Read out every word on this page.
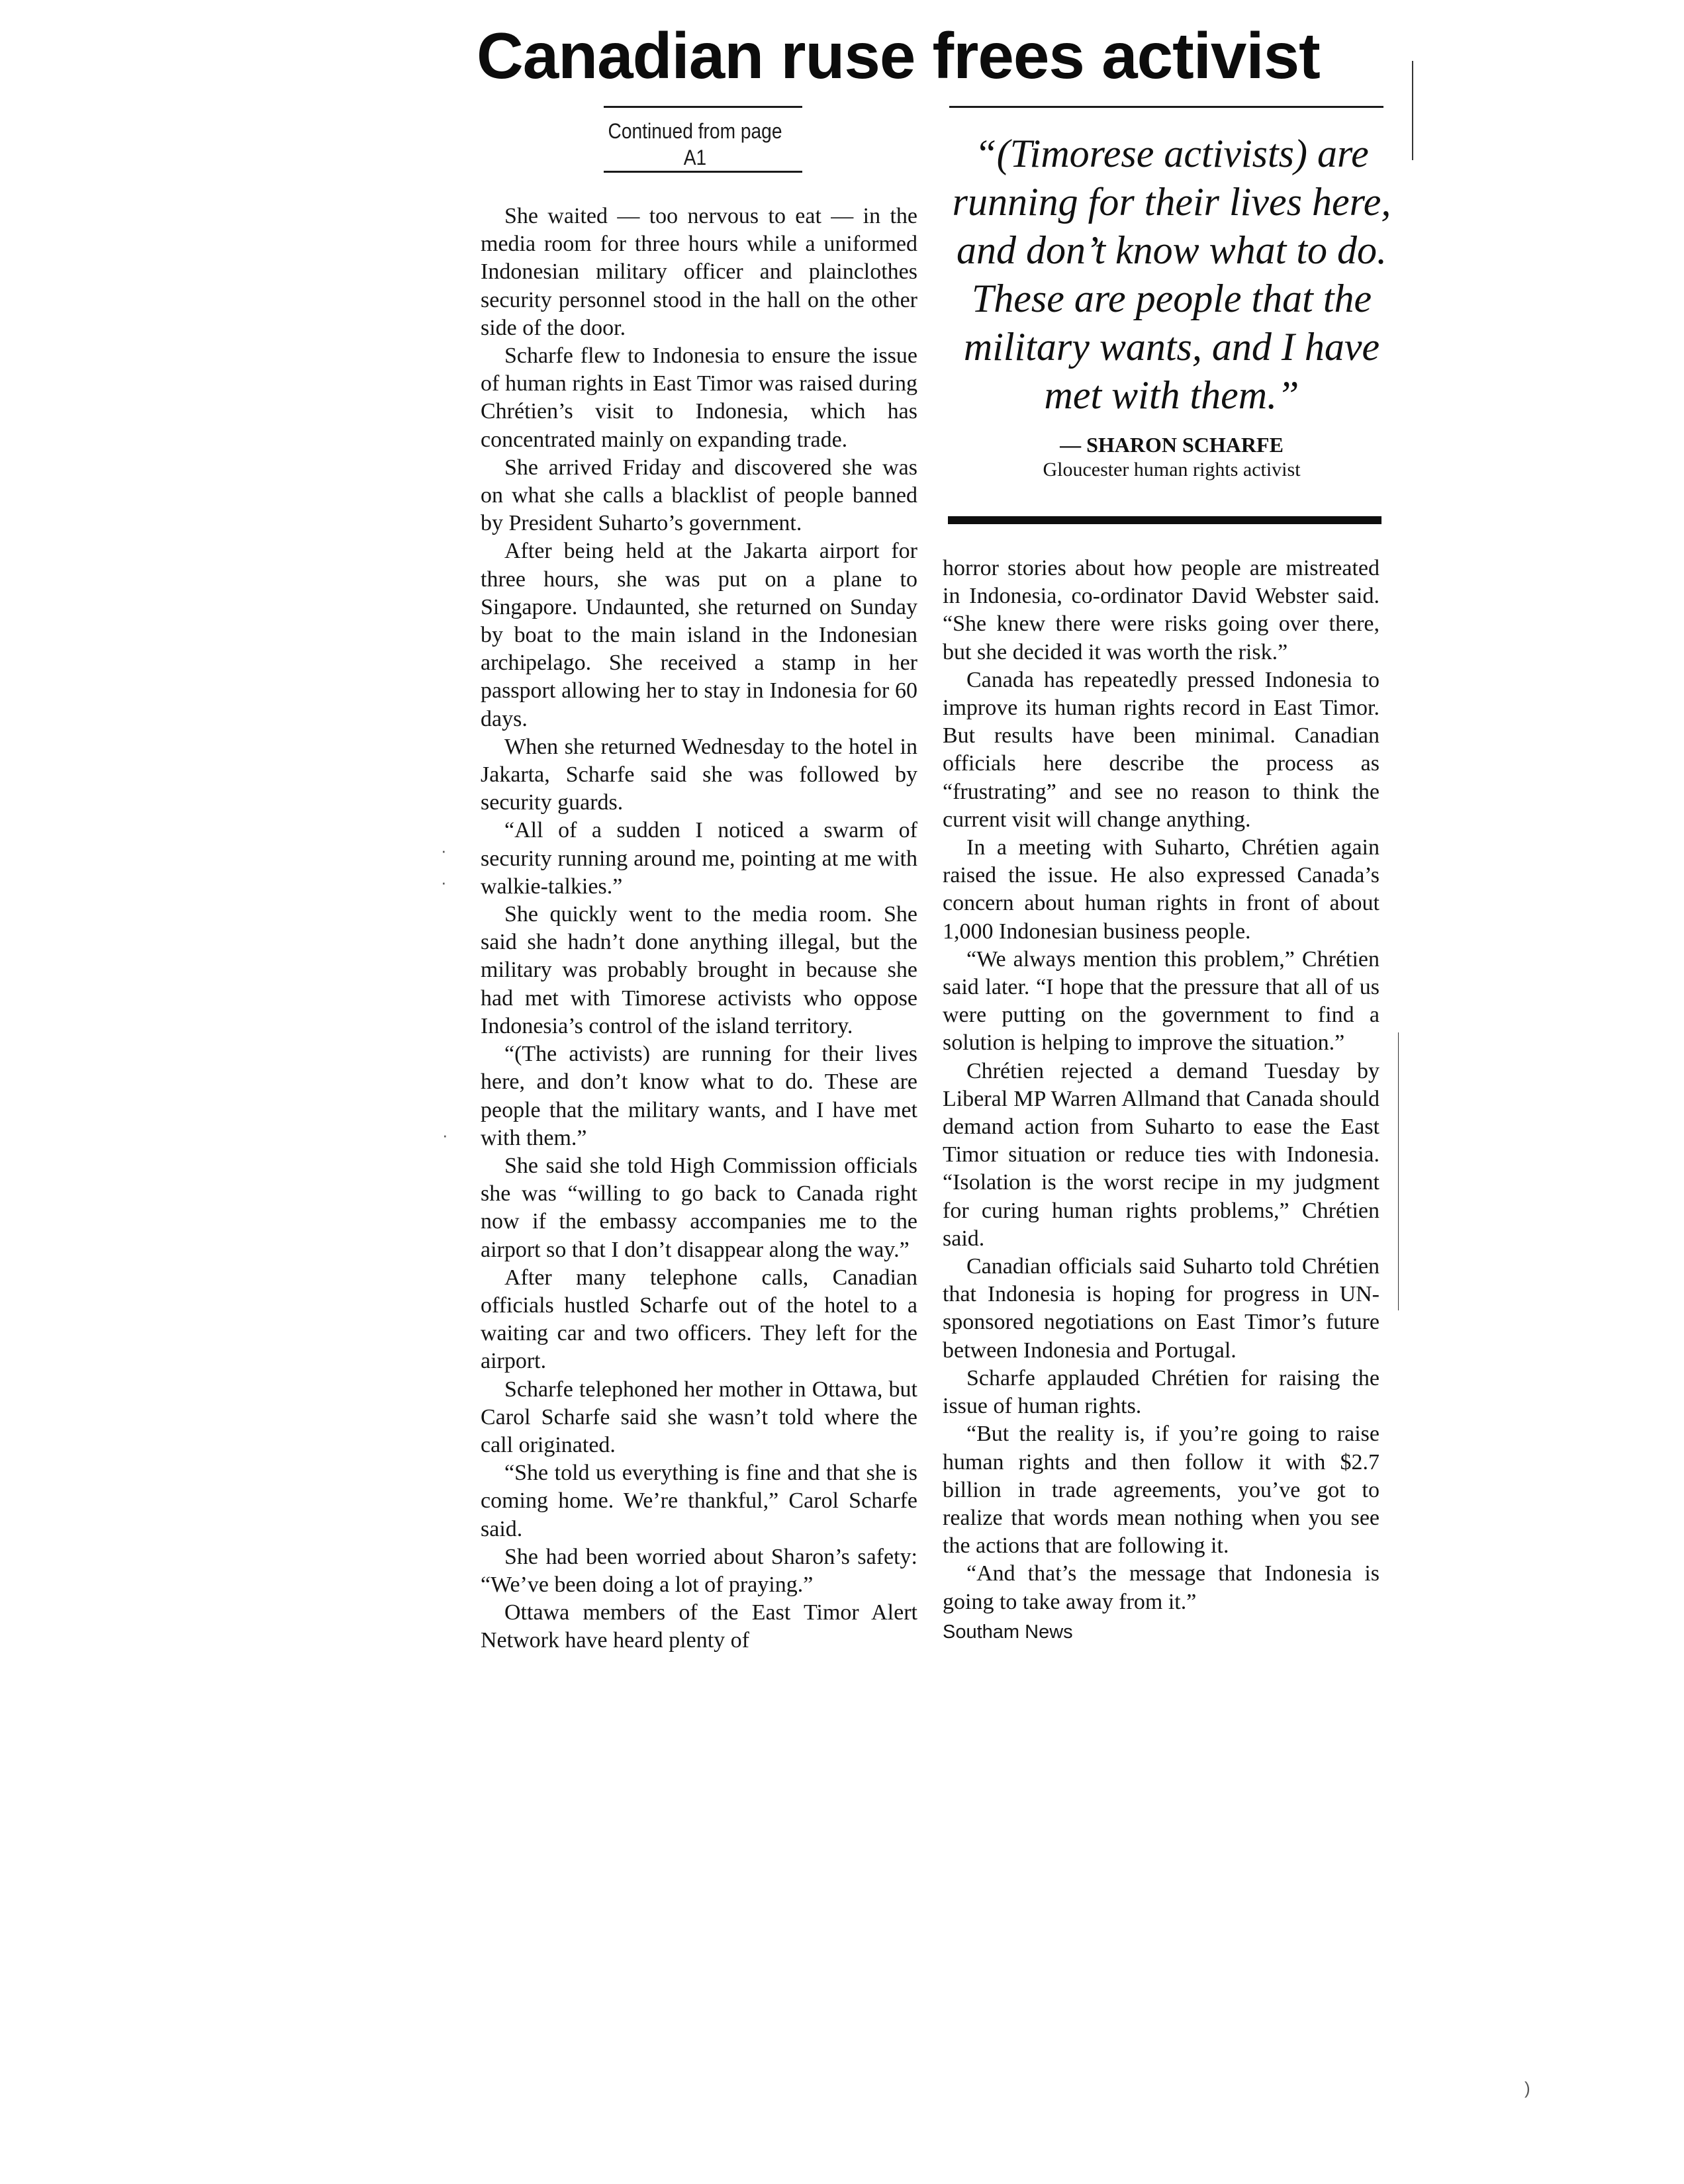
Canadian ruse frees activist
Continued from page A1	“(Timorese activists) are running for their lives here, and don’t know what to do. These are people that the military wants, and I have met with them.”

— SHARON SCHARFE
Gloucester human rights activist

She waited — too nervous to eat — in the media room for three hours while a uniformed Indonesian military officer and plainclothes security personnel stood in the hall on the other side of the door.

Scharfe flew to Indonesia to ensure the issue of human rights in East Timor was raised during Chrétien’s visit to Indonesia, which has concentrated mainly on expanding trade.

She arrived Friday and discovered she was on what she calls a blacklist of people banned by President Suharto’s government.

After being held at the Jakarta airport for three hours, she was put on a plane to Singapore. Undaunted, she returned on Sunday by boat to the main island in the Indonesian archipelago. She received a stamp in her passport allowing her to stay in Indonesia for 60 days.

When she returned Wednesday to the hotel in Jakarta, Scharfe said she was followed by security guards.

“All of a sudden I noticed a swarm of security running around me, pointing at me with walkie-talkies.”

She quickly went to the media room. She said she hadn’t done anything illegal, but the military was probably brought in because she had met with Timorese activists who oppose Indonesia’s control of the island territory.

“(The activists) are running for their lives here, and don’t know what to do. These are people that the military wants, and I have met with them.”

She said she told High Commission officials she was “willing to go back to Canada right now if the embassy accompanies me to the airport so that I don’t disappear along the way.”

After many telephone calls, Canadian officials hustled Scharfe out of the hotel to a waiting car and two officers. They left for the airport.

Scharfe telephoned her mother in Ottawa, but Carol Scharfe said she wasn’t told where the call originated.

“She told us everything is fine and that she is coming home. We’re thankful,” Carol Scharfe said.

She had been worried about Sharon’s safety: “We’ve been doing a lot of praying.”

Ottawa members of the East Timor Alert Network have heard plenty of

horror stories about how people are mistreated in Indonesia, co-ordinator David Webster said. “She knew there were risks going over there, but she decided it was worth the risk.”

Canada has repeatedly pressed Indonesia to improve its human rights record in East Timor. But results have been minimal. Canadian officials here describe the process as “frustrating” and see no reason to think the current visit will change anything.

In a meeting with Suharto, Chrétien again raised the issue. He also expressed Canada’s concern about human rights in front of about 1,000 Indonesian business people.

“We always mention this problem,” Chrétien said later. “I hope that the pressure that all of us were putting on the government to find a solution is helping to improve the situation.”

Chrétien rejected a demand Tuesday by Liberal MP Warren Allmand that Canada should demand action from Suharto to ease the East Timor situation or reduce ties with Indonesia. “Isolation is the worst recipe in my judgment for curing human rights problems,” Chrétien said.

Canadian officials said Suharto told Chrétien that Indonesia is hoping for progress in UN-sponsored negotiations on East Timor’s future between Indonesia and Portugal.

Scharfe applauded Chrétien for raising the issue of human rights.

“But the reality is, if you’re going to raise human rights and then follow it with $2.7 billion in trade agreements, you’ve got to realize that words mean nothing when you see the actions that are following it.

“And that’s the message that Indonesia is going to take away from it.”

Southam News
·
·
·
)
